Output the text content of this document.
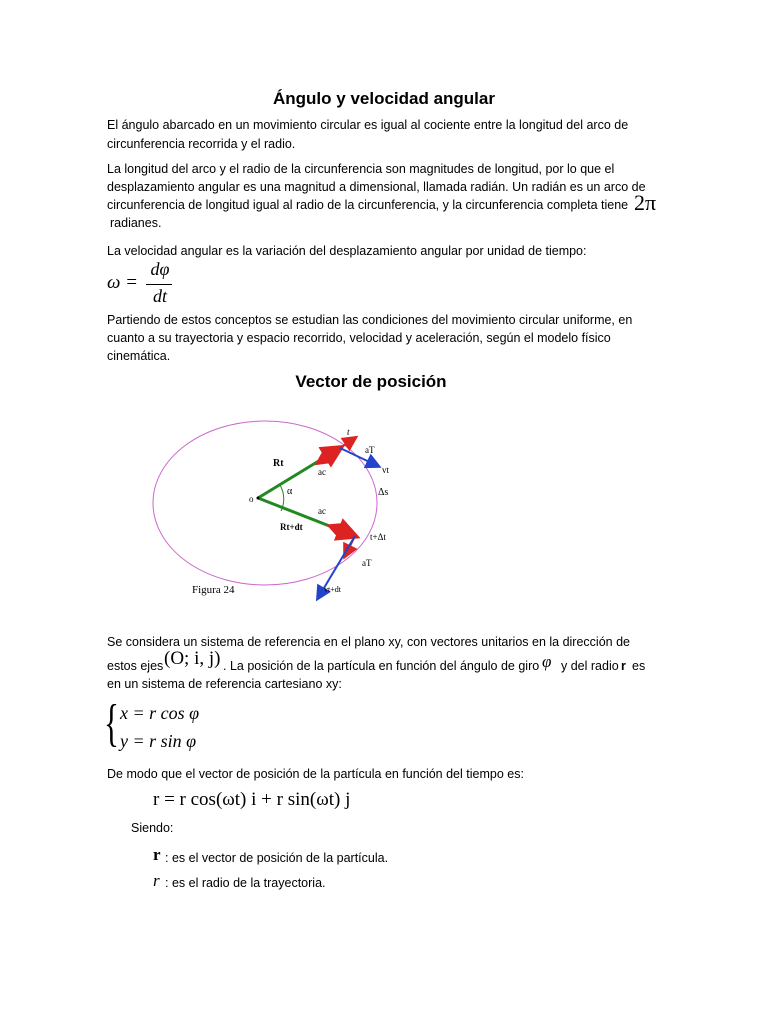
Ángulo y velocidad angular
El ángulo abarcado en un movimiento circular es igual al cociente entre la longitud del arco de circunferencia recorrida y el radio.
La longitud del arco y el radio de la circunferencia son magnitudes de longitud, por lo que el
desplazamiento angular es una magnitud a dimensional, llamada radián. Un radián es un arco de
circunferencia de longitud igual al radio de la circunferencia, y la circunferencia completa tiene 2π
radianes.
La velocidad angular es la variación del desplazamiento angular por unidad de tiempo:
ω =
dφ
dt
Partiendo de estos conceptos se estudian las condiciones del movimiento circular uniforme, en
cuanto a su trayectoria y espacio recorrido, velocidad y aceleración, según el modelo físico
cinemática.
Vector de posición
t
aT
vt
Rt
ac
α
o
Δs
ac
Rt+dt
t+Δt
aT
vt+dt
Figura 24
Se considera un sistema de referencia en el plano xy, con vectores unitarios en la dirección de
estos ejes (O; i, j) . La posición de la partícula en función del ángulo de giro φ y del radio r es
en un sistema de referencia cartesiano xy:
{ x = r cos φ
y = r sin φ
De modo que el vector de posición de la partícula en función del tiempo es:
r = r cos(ωt) i + r sin(ωt) j
Siendo:
r : es el vector de posición de la partícula.
r : es el radio de la trayectoria.
